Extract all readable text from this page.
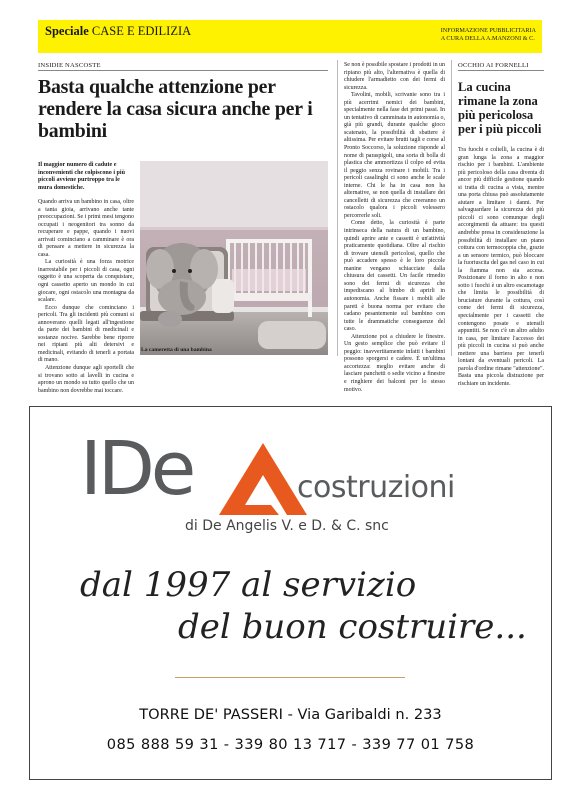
Speciale CASE E EDILIZIA	INFORMAZIONE PUBBLICITARIA
A CURA DELLA A.MANZONI & C.
INSIDIE NASCOSTE
Basta qualche attenzione per rendere la casa sicura anche per i bambini
Il maggior numero di cadute e inconvenienti che colpiscono i più piccoli avviene purtroppo tra le mura domestiche.

Quando arriva un bambino in casa, oltre a tanta gioia, arrivano anche tante preoccupazioni. Se i primi mesi tengono occupati i neogenitori tra sonno da recuperare e pappe, quando i nuovi arrivati cominciano a camminare è ora di pensare a mettere in sicurezza la casa.

La curiosità è una forza motrice inarrestabile per i piccoli di casa, ogni oggetto è una scoperta da conquistare, ogni cassetto aperto un mondo in cui giocare, ogni ostacolo una montagna da scalare.

Ecco dunque che cominciano i pericoli. Tra gli incidenti più comuni si annoverano quelli legati all'ingestione da parte dei bambini di medicinali e sostanze nocive. Sarebbe bene riporre nei ripiani più alti detersivi e medicinali, evitando di tenerli a portata di mano.

Attenzione dunque agli sportelli che si trovano sotto ai lavelli in cucina e aprono un mondo su tutto quello che un bambino non dovrebbe mai toccare.

La cameretta di una bambina

Se non è possibile spostare i prodotti in un ripiano più alto, l'alternativa è quella di chiudere l'armadietto con dei fermi di sicurezza.

Tavolini, mobili, scrivanie sono tra i più acerrimi nemici dei bambini, specialmente nella fase dei primi passi. In un tentativo di camminata in autonomia o, già più grandi, durante qualche gioco scatenato, la possibilità di sbattere è altissima. Per evitare brutti tagli e corse al Pronto Soccorso, la soluzione risponde al nome di paraspigoli, una sorta di bolla di plastica che ammortizza il colpo ed evita il peggio senza rovinare i mobili. Tra i pericoli casalinghi ci sono anche le scale interne. Chi le ha in casa non ha alternative, se non quella di installare dei cancelletti di sicurezza che creeranno un ostacolo qualora i piccoli volessero percorrerle soli.

Come detto, la curiosità è parte intrinseca della natura di un bambino, quindi aprire ante e cassetti è un'attività praticamente quotidiana. Oltre al rischio di trovare utensili pericolosi, quello che può accadere spesso è le loro piccole manine vengano schiacciate dalla chiusura dei cassetti. Un facile rimedio sono dei fermi di sicurezza che impediscano al bimbo di aprirli in autonomia. Anche fissare i mobili alle pareti è buona norma per evitare che cadano pesantemente sul bambino con tutte le drammatiche conseguenze del caso.

Attenzione poi a chiudere le finestre. Un gesto semplice che può evitare il peggio: inavvertitamente infatti i bambini possono sporgersi e cadere. È un'ultima accortezza: meglio evitare anche di lasciare panchetti o sedie vicino a finestre e ringhiere dei balconi per lo stesso motivo.

OCCHIO AI FORNELLI
La cucina rimane la zona più pericolosa per i più piccoli

Tra fuochi e coltelli, la cucina è di gran lunga la zona a maggior rischio per i bambini. L'ambiente più pericoloso della casa diventa di ancor più difficile gestione quando si tratta di cucina a vista, mentre una porta chiusa può assolutamente aiutare a limitare i danni. Per salvaguardare la sicurezza dei più piccoli ci sono comunque degli accorgimenti da attuare: tra questi andrebbe presa in considerazione la possibilità di installare un piano cottura con termocoppia che, grazie a un sensore termico, può bloccare la fuoriuscita del gas nel caso in cui la fiamma non sia accesa. Posizionare il forno in alto e non sotto i fuochi è un altro escamotage che limita le possibilità di bruciature durante la cottura, così come dei fermi di sicurezza, specialmente per i cassetti che contengono posate e utensili appuntiti. Se non c'è un altro adulto in casa, per limitare l'accesso dei più piccoli in cucina si può anche mettere una barriera per tenerli lontani da eventuali pericoli. La parola d'ordine rimane "attenzione". Basta una piccola distrazione per rischiare un incidente.

IDe	costruzioni
di De Angelis V. e D. & C. snc
dal 1997 al servizio
del buon costruire...
TORRE DE' PASSERI - Via Garibaldi n. 233
085 888 59 31 - 339 80 13 717 - 339 77 01 758
